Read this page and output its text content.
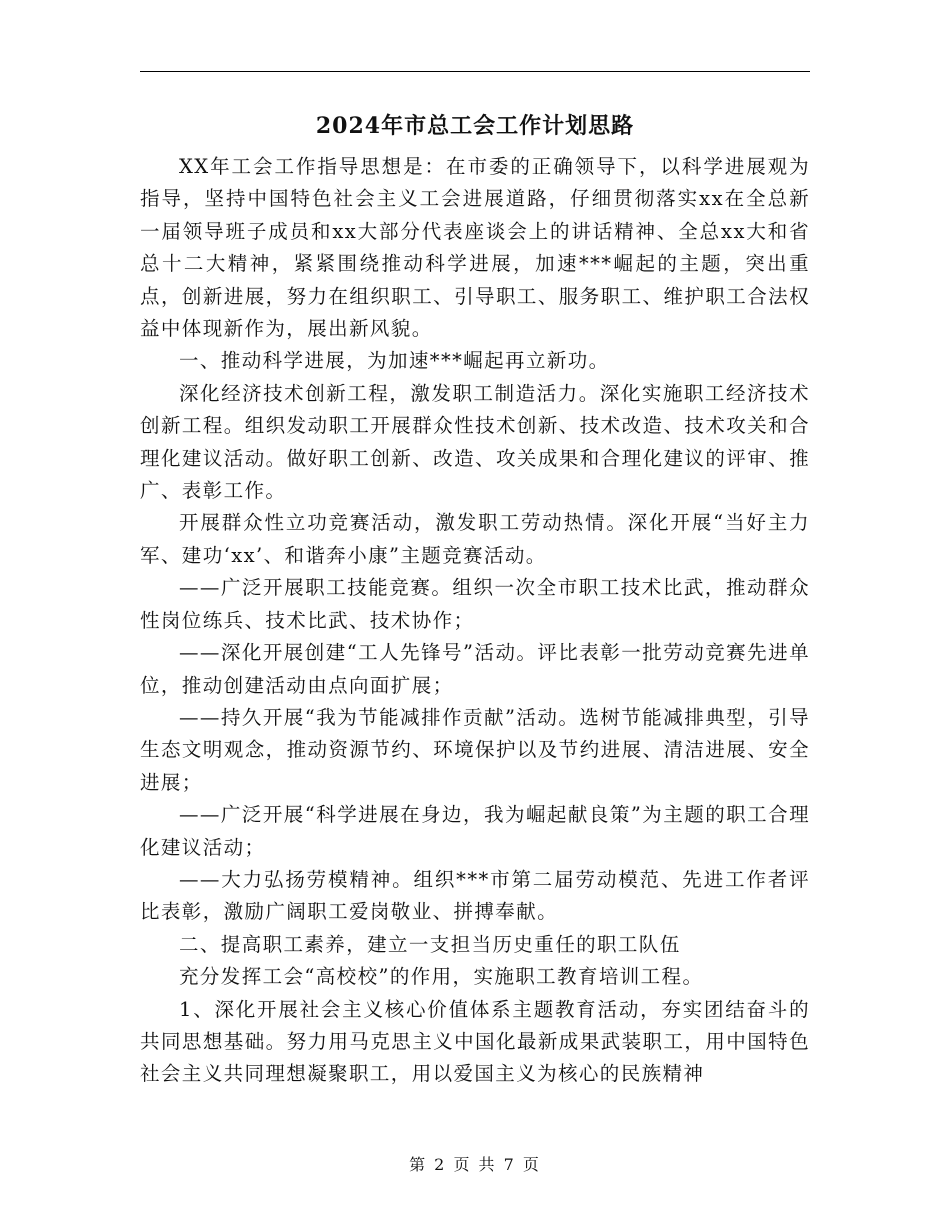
2024年市总工会工作计划思路

XX年工会工作指导思想是：在市委的正确领导下，以科学进展观为指导，坚持中国特色社会主义工会进展道路，仔细贯彻落实xx在全总新一届领导班子成员和xx大部分代表座谈会上的讲话精神、全总xx大和省总十二大精神，紧紧围绕推动科学进展，加速***崛起的主题，突出重点，创新进展，努力在组织职工、引导职工、服务职工、维护职工合法权益中体现新作为，展出新风貌。

一、推动科学进展，为加速***崛起再立新功。

深化经济技术创新工程，激发职工制造活力。深化实施职工经济技术创新工程。组织发动职工开展群众性技术创新、技术改造、技术攻关和合理化建议活动。做好职工创新、改造、攻关成果和合理化建议的评审、推广、表彰工作。

开展群众性立功竞赛活动，激发职工劳动热情。深化开展“当好主力军、建功‘xx’、和谐奔小康”主题竞赛活动。

——广泛开展职工技能竞赛。组织一次全市职工技术比武，推动群众性岗位练兵、技术比武、技术协作；

——深化开展创建“工人先锋号”活动。评比表彰一批劳动竞赛先进单位，推动创建活动由点向面扩展；

——持久开展“我为节能减排作贡献”活动。选树节能减排典型，引导生态文明观念，推动资源节约、环境保护以及节约进展、清洁进展、安全进展；

——广泛开展“科学进展在身边，我为崛起献良策”为主题的职工合理化建议活动；

——大力弘扬劳模精神。组织***市第二届劳动模范、先进工作者评比表彰，激励广阔职工爱岗敬业、拼搏奉献。

二、提高职工素养，建立一支担当历史重任的职工队伍

充分发挥工会“高校校”的作用，实施职工教育培训工程。

1、深化开展社会主义核心价值体系主题教育活动，夯实团结奋斗的共同思想基础。努力用马克思主义中国化最新成果武装职工，用中国特色社会主义共同理想凝聚职工，用以爱国主义为核心的民族精神

第 2 页 共 7 页
